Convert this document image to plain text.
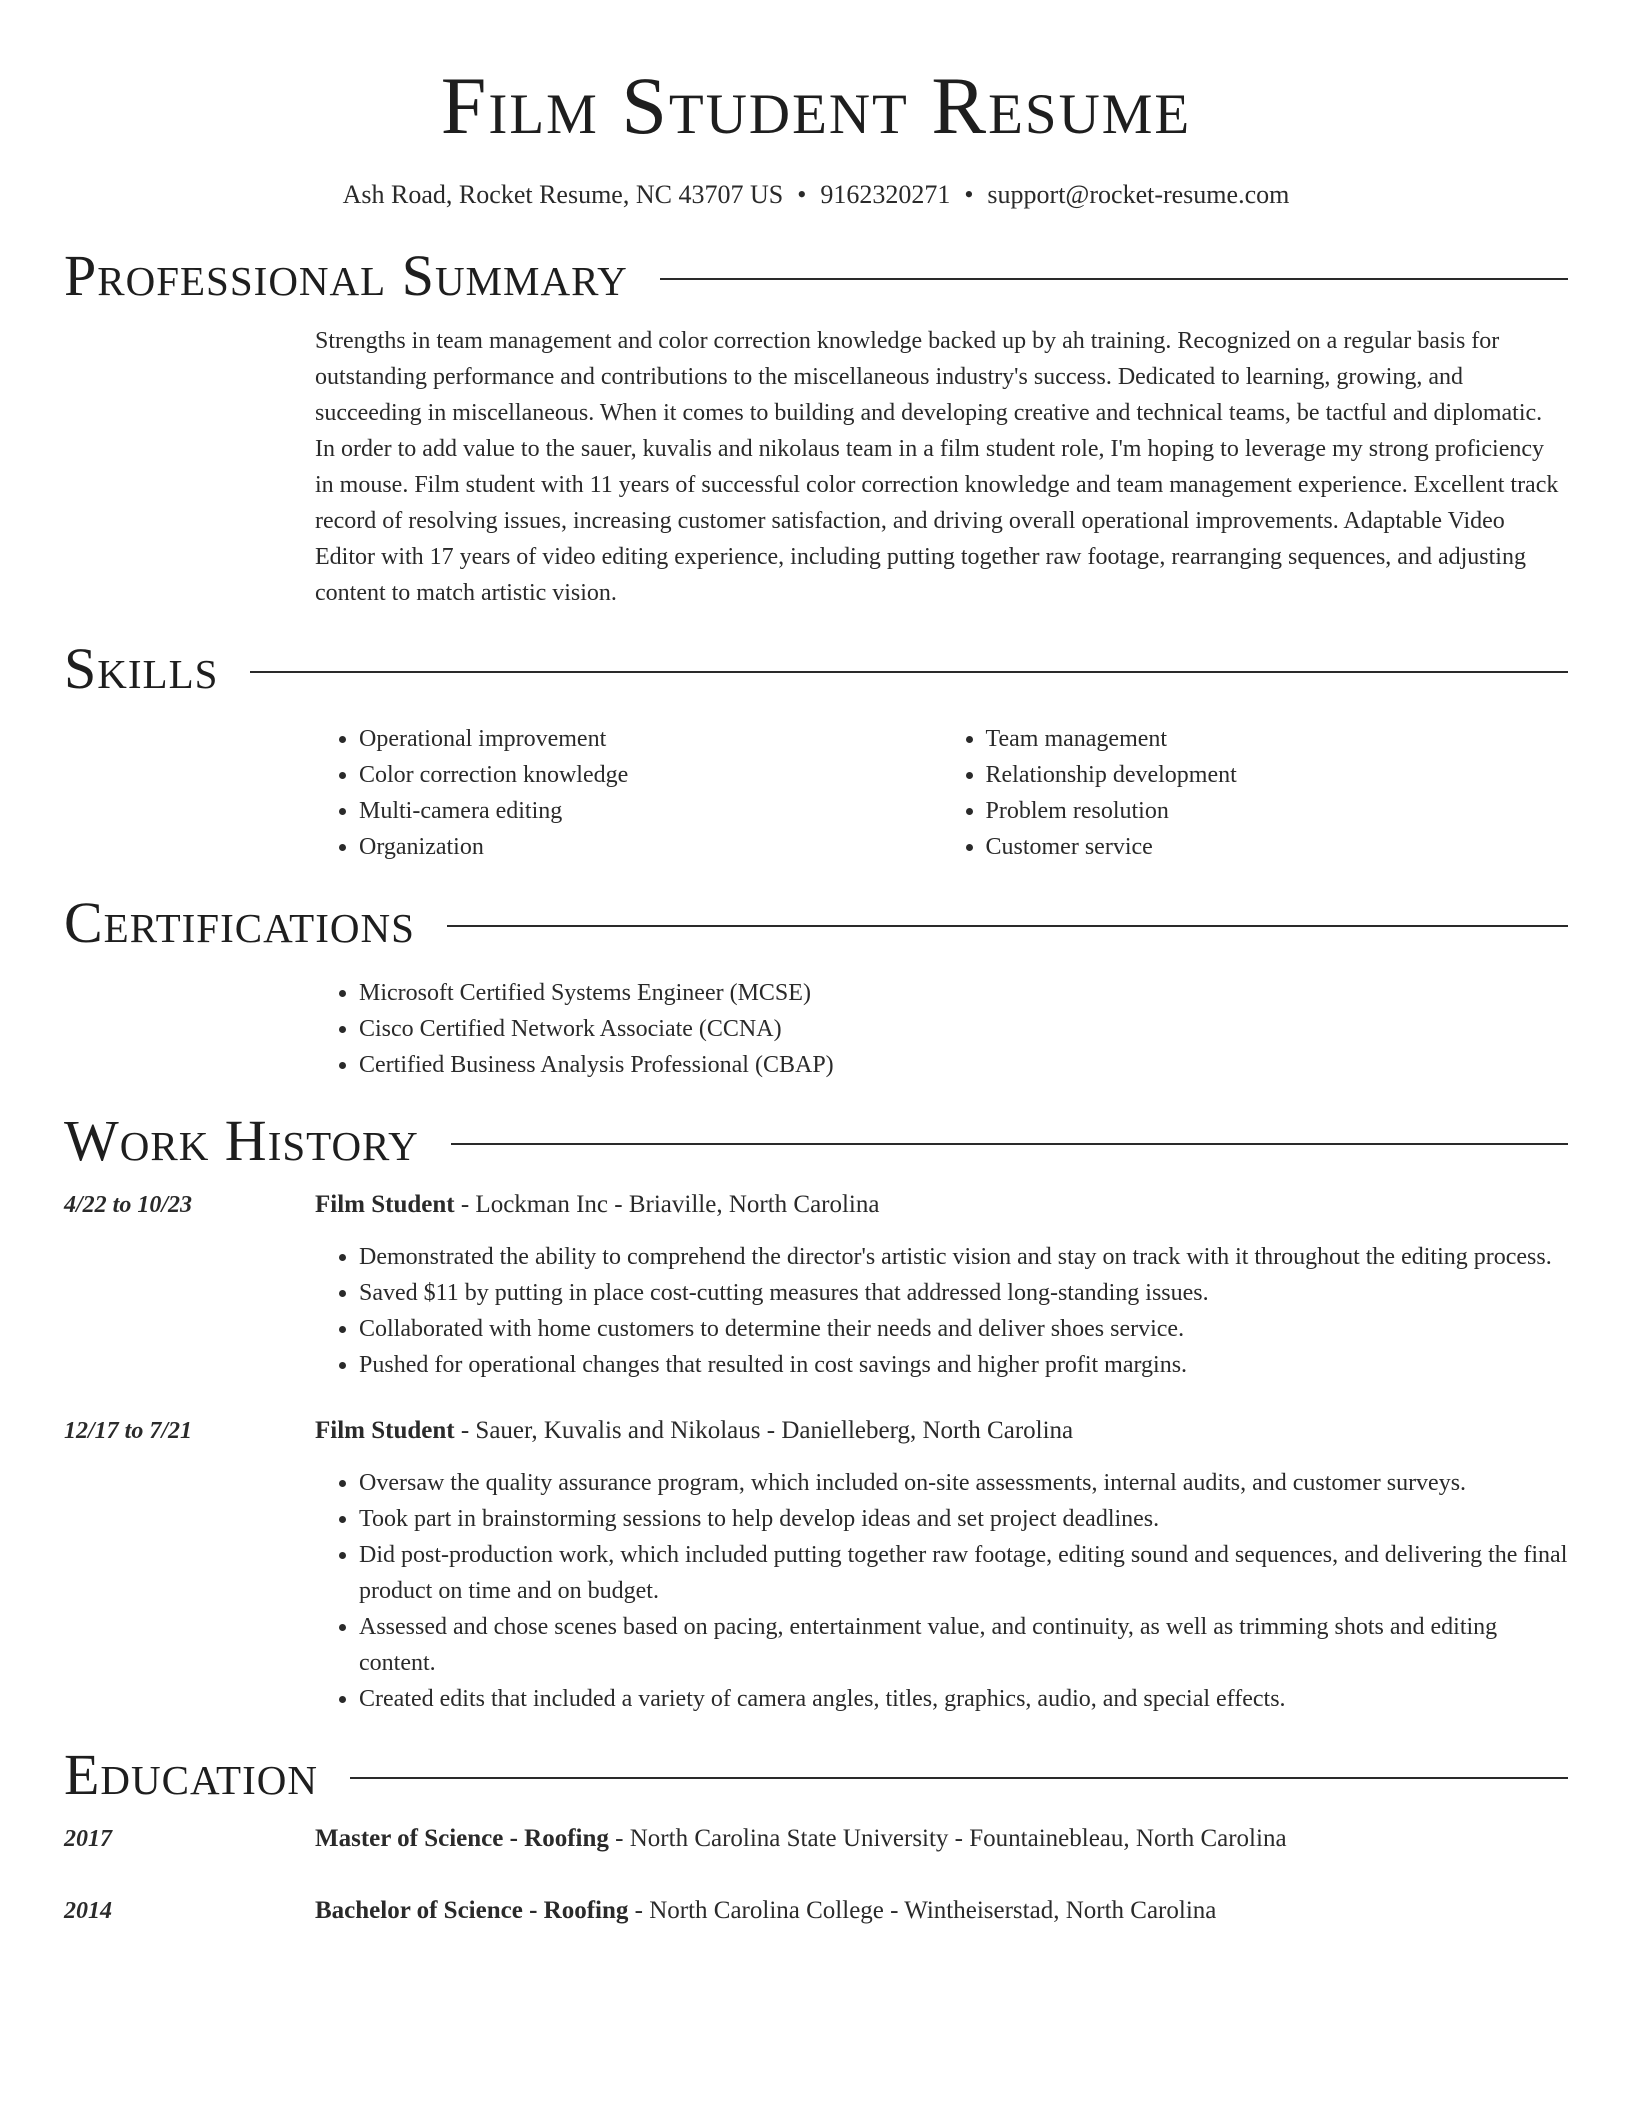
Film Student Resume
Ash Road, Rocket Resume, NC 43707 US • 9162320271 • support@rocket-resume.com
Professional Summary

Strengths in team management and color correction knowledge backed up by ah training. Recognized on a regular basis for outstanding performance and contributions to the miscellaneous industry's success. Dedicated to learning, growing, and succeeding in miscellaneous. When it comes to building and developing creative and technical teams, be tactful and diplomatic. In order to add value to the sauer, kuvalis and nikolaus team in a film student role, I'm hoping to leverage my strong proficiency in mouse. Film student with 11 years of successful color correction knowledge and team management experience. Excellent track record of resolving issues, increasing customer satisfaction, and driving overall operational improvements. Adaptable Video Editor with 17 years of video editing experience, including putting together raw footage, rearranging sequences, and adjusting content to match artistic vision.

Skills
• Operational improvement
• Color correction knowledge
• Multi-camera editing
• Organization
• Team management
• Relationship development
• Problem resolution
• Customer service
Certifications
• Microsoft Certified Systems Engineer (MCSE)
• Cisco Certified Network Associate (CCNA)
• Certified Business Analysis Professional (CBAP)
Work History
4/22 to 10/23	Film Student - Lockman Inc - Briaville, North Carolina
• Demonstrated the ability to comprehend the director's artistic vision and stay on track with it throughout the editing process.
• Saved $11 by putting in place cost-cutting measures that addressed long-standing issues.
• Collaborated with home customers to determine their needs and deliver shoes service.
• Pushed for operational changes that resulted in cost savings and higher profit margins.
12/17 to 7/21	Film Student - Sauer, Kuvalis and Nikolaus - Danielleberg, North Carolina
• Oversaw the quality assurance program, which included on-site assessments, internal audits, and customer surveys.
• Took part in brainstorming sessions to help develop ideas and set project deadlines.
• Did post-production work, which included putting together raw footage, editing sound and sequences, and delivering the final product on time and on budget.
• Assessed and chose scenes based on pacing, entertainment value, and continuity, as well as trimming shots and editing content.
• Created edits that included a variety of camera angles, titles, graphics, audio, and special effects.
Education
2017	Master of Science - Roofing - North Carolina State University - Fountainebleau, North Carolina
2014	Bachelor of Science - Roofing - North Carolina College - Wintheiserstad, North Carolina
